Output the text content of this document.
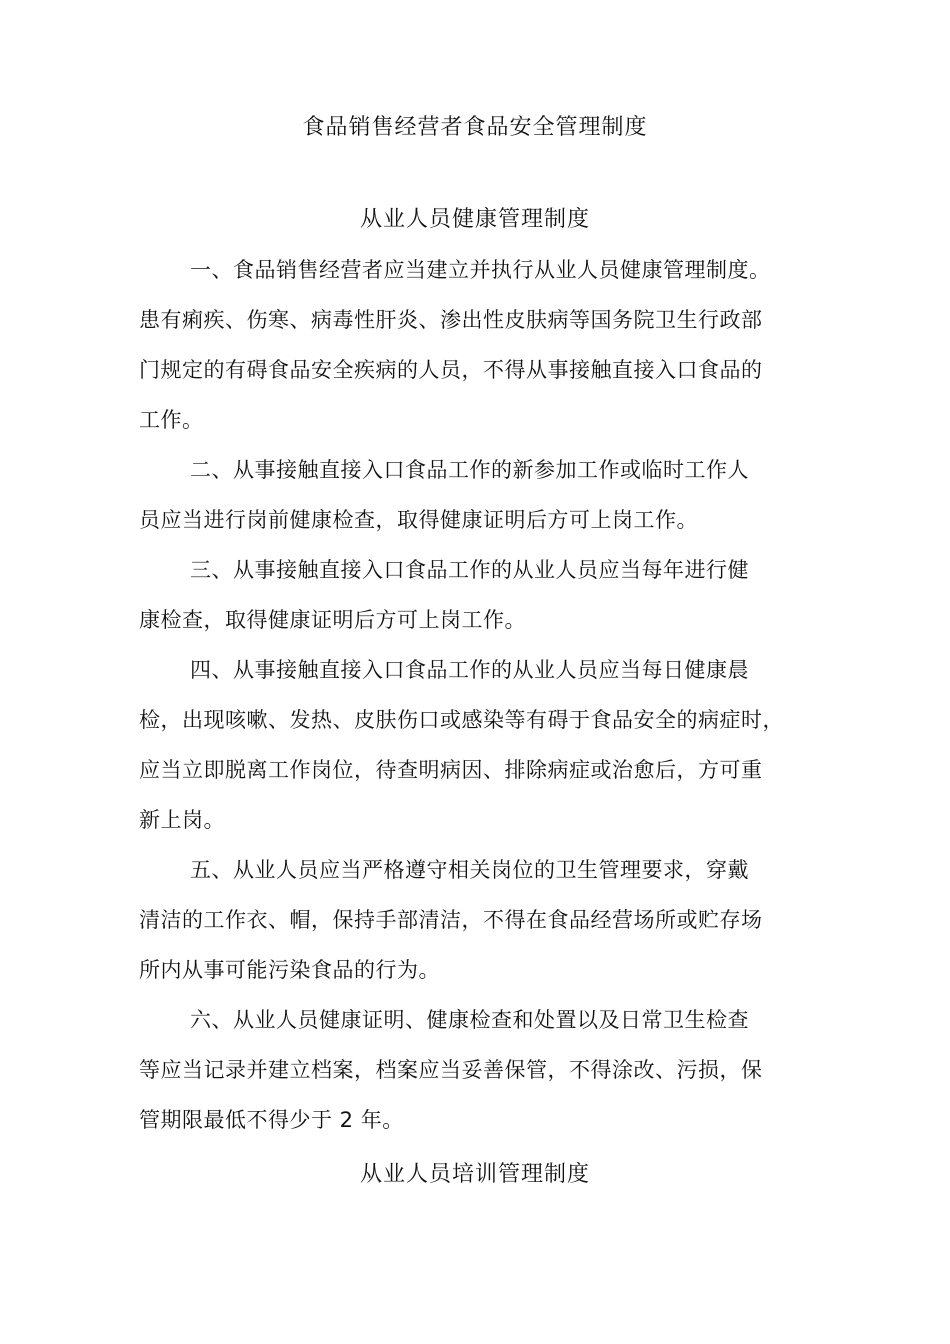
食品销售经营者食品安全管理制度
从业人员健康管理制度
一、食品销售经营者应当建立并执行从业人员健康管理制度。
患有痢疾、伤寒、病毒性肝炎、渗出性皮肤病等国务院卫生行政部
门规定的有碍食品安全疾病的人员，不得从事接触直接入口食品的
工作。
二、从事接触直接入口食品工作的新参加工作或临时工作人
员应当进行岗前健康检查，取得健康证明后方可上岗工作。
三、从事接触直接入口食品工作的从业人员应当每年进行健
康检查，取得健康证明后方可上岗工作。
四、从事接触直接入口食品工作的从业人员应当每日健康晨
检，出现咳嗽、发热、皮肤伤口或感染等有碍于食品安全的病症时，
应当立即脱离工作岗位，待查明病因、排除病症或治愈后，方可重
新上岗。
五、从业人员应当严格遵守相关岗位的卫生管理要求，穿戴
清洁的工作衣、帽，保持手部清洁，不得在食品经营场所或贮存场
所内从事可能污染食品的行为。
六、从业人员健康证明、健康检查和处置以及日常卫生检查
等应当记录并建立档案，档案应当妥善保管，不得涂改、污损，保
管期限最低不得少于 2 年。
从业人员培训管理制度
